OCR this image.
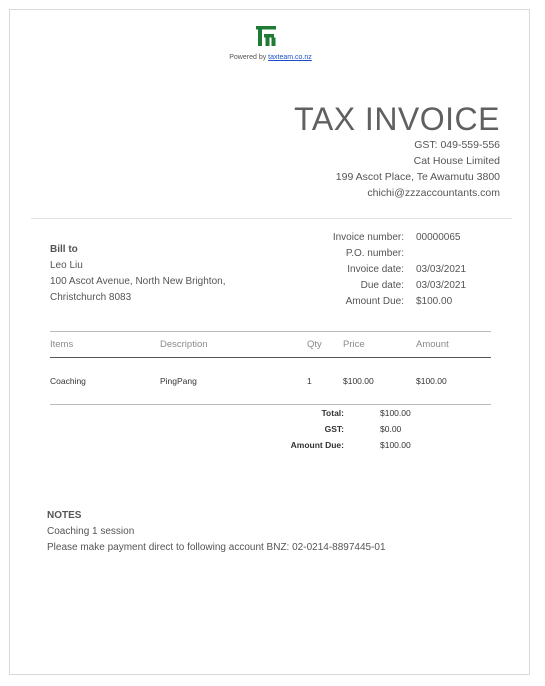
Powered by taxteam.co.nz
TAX INVOICE
GST: 049-559-556
Cat House Limited
199 Ascot Place, Te Awamutu 3800
chichi@zzzaccountants.com
Bill to
Leo Liu
100 Ascot Avenue, North New Brighton,
Christchurch 8083
Invoice number:	00000065
P.O. number:
Invoice date:	03/03/2021
Due date:	03/03/2021
Amount Due:	$100.00
Items	Description	Qty	Price	Amount
Coaching	PingPang	1	$100.00	$100.00
Total:	$100.00
GST:	$0.00
Amount Due:	$100.00
NOTES
Coaching 1 session
Please make payment direct to following account BNZ: 02-0214-8897445-01
